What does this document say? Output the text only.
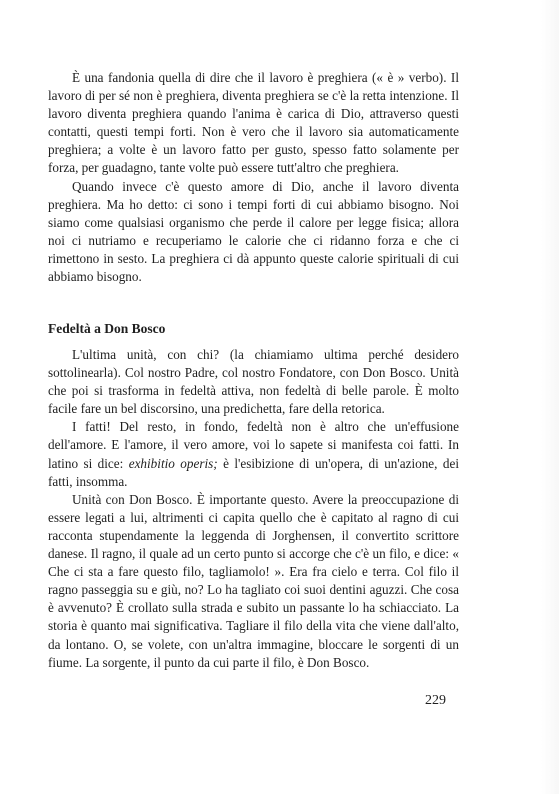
È una fandonia quella di dire che il lavoro è preghiera (« è » verbo). Il lavoro di per sé non è preghiera, diventa preghiera se c'è la retta intenzione. Il lavoro diventa preghiera quando l'anima è carica di Dio, attraverso questi contatti, questi tempi forti. Non è vero che il lavoro sia automaticamente preghiera; a volte è un lavoro fatto per gusto, spesso fatto solamente per forza, per guadagno, tante volte può essere tutt'altro che preghiera.

Quando invece c'è questo amore di Dio, anche il lavoro diventa preghiera. Ma ho detto: ci sono i tempi forti di cui abbiamo bisogno. Noi siamo come qualsiasi organismo che perde il calore per legge fisica; allora noi ci nutriamo e recuperiamo le calorie che ci ridanno forza e che ci rimettono in sesto. La preghiera ci dà appunto queste calorie spirituali di cui abbiamo bisogno.

Fedeltà a Don Bosco

L'ultima unità, con chi? (la chiamiamo ultima perché desidero sottolinearla). Col nostro Padre, col nostro Fondatore, con Don Bosco. Unità che poi si trasforma in fedeltà attiva, non fedeltà di belle parole. È molto facile fare un bel discorsino, una predichetta, fare della retorica.

I fatti! Del resto, in fondo, fedeltà non è altro che un'effusione dell'amore. E l'amore, il vero amore, voi lo sapete si manifesta coi fatti. In latino si dice: exhibitio operis; è l'esibizione di un'opera, di un'azione, dei fatti, insomma.

Unità con Don Bosco. È importante questo. Avere la preoccupazione di essere legati a lui, altrimenti ci capita quello che è capitato al ragno di cui racconta stupendamente la leggenda di Jorghensen, il convertito scrittore danese. Il ragno, il quale ad un certo punto si accorge che c'è un filo, e dice: « Che ci sta a fare questo filo, tagliamolo! ». Era fra cielo e terra. Col filo il ragno passeggia su e giù, no? Lo ha tagliato coi suoi dentini aguzzi. Che cosa è avvenuto? È crollato sulla strada e subito un passante lo ha schiacciato. La storia è quanto mai significativa. Tagliare il filo della vita che viene dall'alto, da lontano. O, se volete, con un'altra immagine, bloccare le sorgenti di un fiume. La sorgente, il punto da cui parte il filo, è Don Bosco.

229
